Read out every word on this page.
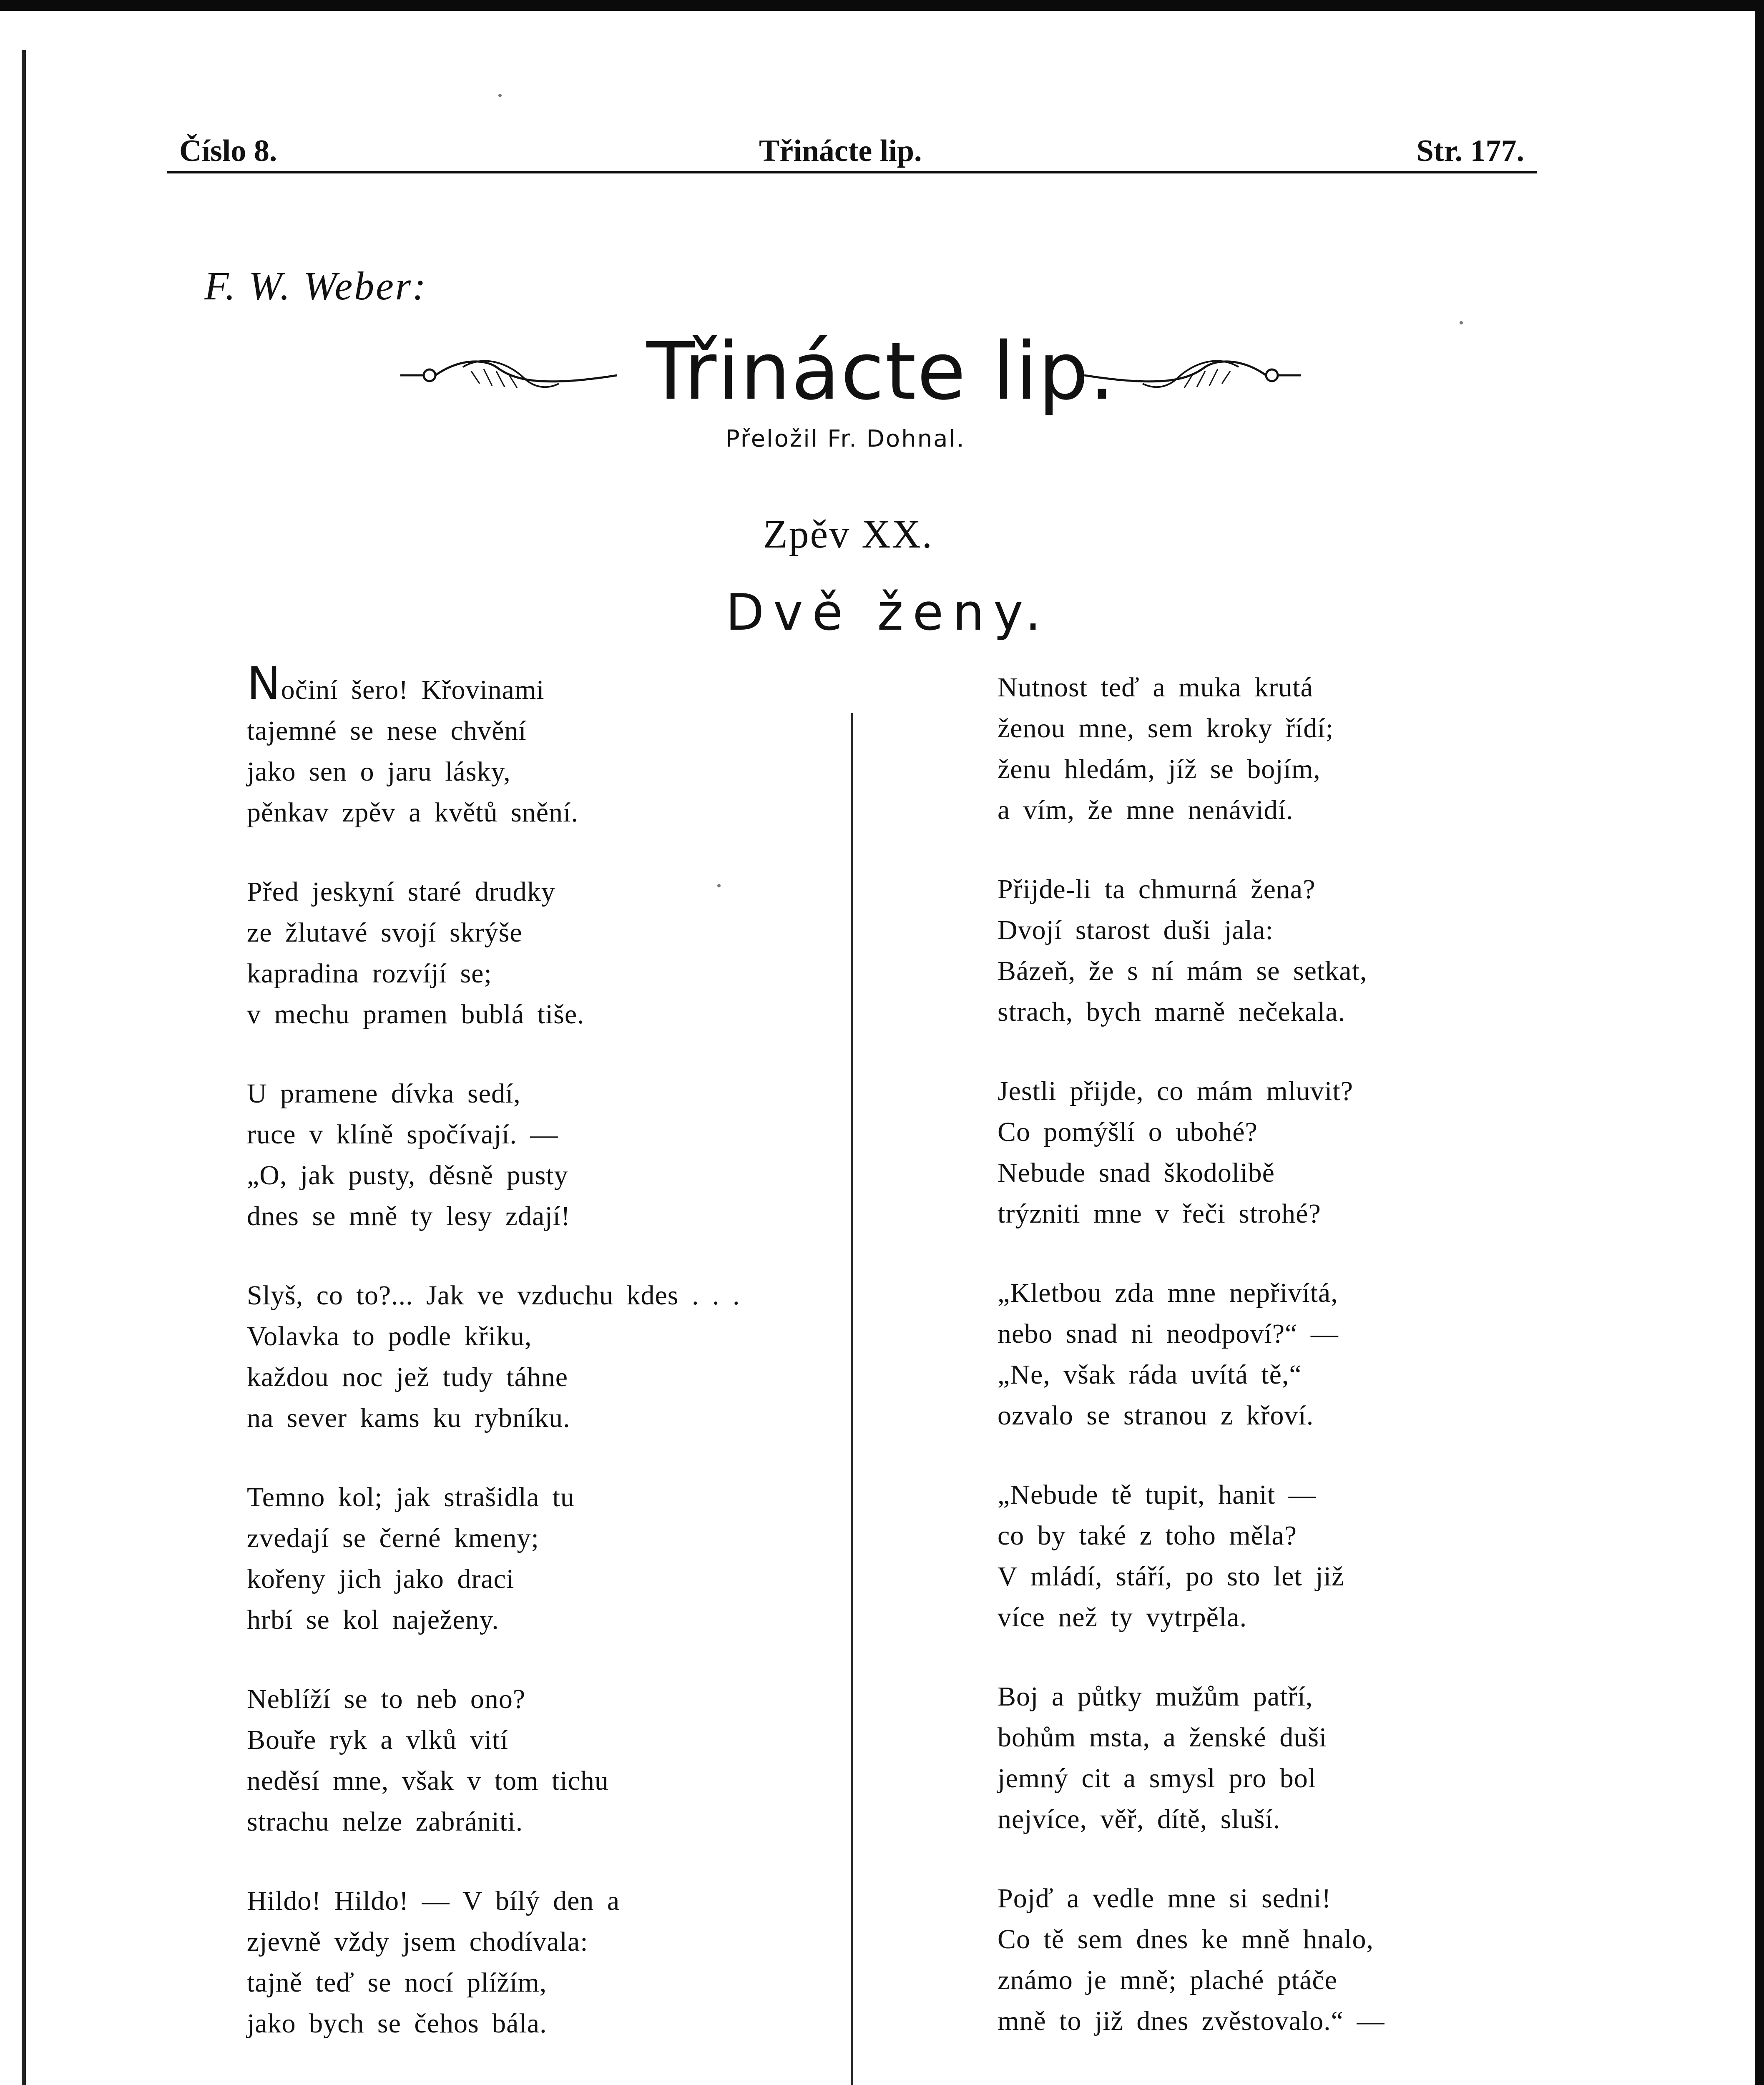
Číslo 8.	Třináctе lip.	Str. 177.
F. W. Weber:
Třinácte lip.
Přeložil Fr. Dohnal.
Zpěv XX.
Dvě ženy.
Nočiní šero! Křovinami
tajemné se nese chvění
jako sen o jaru lásky,
pěnkav zpěv a květů snění.
Před jeskyní staré drudky
ze žlutavé svojí skrýše
kapradina rozvíjí se;
v mechu pramen bublá tiše.
U pramene dívka sedí,
ruce v klíně spočívají. —
„O, jak pusty, děsně pusty
dnes se mně ty lesy zdají!
Slyš, co to?... Jak ve vzduchu kdes . . .
Volavka to podle křiku,
každou noc jež tudy táhne
na sever kams ku rybníku.
Temno kol; jak strašidla tu
zvedají se černé kmeny;
kořeny jich jako draci
hrbí se kol naježeny.
Neblíží se to neb ono?
Bouře ryk a vlků vití
neděsí mne, však v tom tichu
strachu nelze zabrániti.
Hildo! Hildo! — V bílý den a
zjevně vždy jsem chodívala:
tajně teď se nocí plížím,
jako bych se čehos bála.
Nutnost teď a muka krutá
ženou mne, sem kroky řídí;
ženu hledám, jíž se bojím,
a vím, že mne nenávidí.
Přijde-li ta chmurná žena?
Dvojí starost duši jala:
Bázeň, že s ní mám se setkat,
strach, bych marně nečekala.
Jestli přijde, co mám mluvit?
Co pomýšlí o ubohé?
Nebude snad škodolibě
trýzniti mne v řeči strohé?
„Kletbou zda mne nepřivítá,
nebo snad ni neodpoví?“ —
„Ne, však ráda uvítá tě,“
ozvalo se stranou z křoví.
„Nebude tě tupit, hanit —
co by také z toho měla?
V mládí, stáří, po sto let již
více než ty vytrpěla.
Boj a půtky mužům patří,
bohům msta, a ženské duši
jemný cit a smysl pro bol
nejvíce, věř, dítě, sluší.
Pojď a vedle mne si sedni!
Co tě sem dnes ke mně hnalo,
známo je mně; plaché ptáče
mně to již dnes zvěstovalo.“ —
